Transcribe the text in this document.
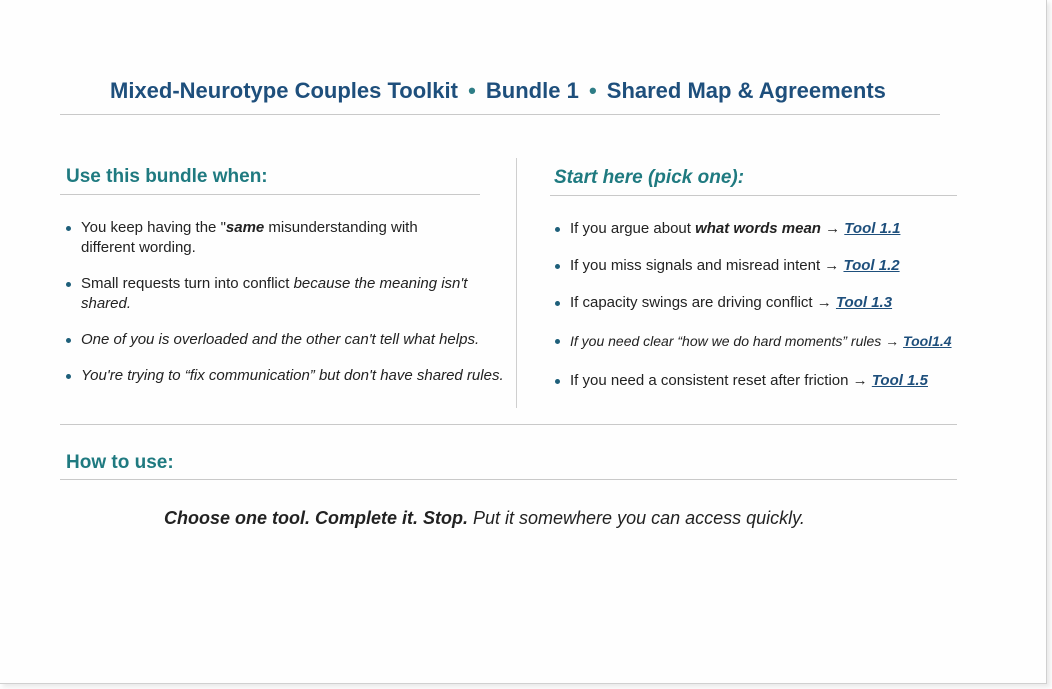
Mixed-Neurotype Couples Toolkit • Bundle 1 • Shared Map & Agreements
Use this bundle when:
You keep having the "same misunderstanding with
different wording.
Small requests turn into conflict because the meaning isn't
shared.
One of you is overloaded and the other can't tell what helps.
You're trying to “fix communication” but don't have shared rules.
Start here (pick one):
If you argue about what words mean → Tool 1.1
If you miss signals and misread intent → Tool 1.2
If capacity swings are driving conflict → Tool 1.3
If you need clear “how we do hard moments” rules → Tool1.4
If you need a consistent reset after friction → Tool 1.5
How to use:
Choose one tool. Complete it. Stop. Put it somewhere you can access quickly.
